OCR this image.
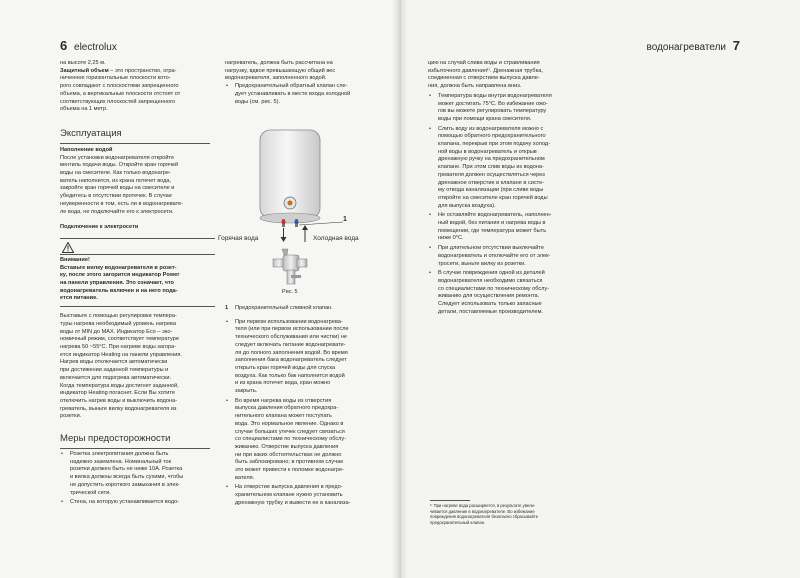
6 electrolux

на высоте 2,25 м.

Защитный объем – это пространство, огра-

ниченное горизонтальные плоскости кото-

рого совпадают с плоскостями запрещенного

объема, а вертикальные плоскости отстоят от

соответствующих плоскостей запрещенного

объема на 1 метр.

Эксплуатация
Наполнение водой

После установки водонагревателя откройте

вентиль подачи воды. Откройте кран горячей

воды на смесителе. Как только водонагре-

ватель наполнится, из крана потечет вода,

закройте кран горячей воды на смесителе и

убедитесь в отсутствии протечек. В случае

неуверенности в том, есть ли в водонагревате-

ле вода, не подключайте его к электросети.

Подключение к электросети
Внимание!

Вставьте вилку водонагревателя в розет-

ку, после этого загорится индикатор Power

на панели управления. Это означает, что

водонагреватель включен и на него пода-

ется питание.

Выставьте с помощью регулировки темпера-

туры нагрева необходимый уровень нагрева

воды от MIN до MAX. Индикатор Eco – эко-

номичный режим, соответствует температуре

нагрева 50 ~55°С. При нагреве воды загора-

ется индикатор Heating на панели управления.

Нагрев воды отключается автоматически

при достижении заданной температуры и

включается для подогрева автоматически.

Когда температура воды достигнет заданной,

индикатор Heating погаснет. Если Вы хотите

отключить нагрев воды и выключить водона-

греватель, выньте вилку водонагревателя из

розетки.

Меры предосторожности
• Розетка электропитания должна быть

надежно заземлена. Номинальный ток

розетки должен быть не ниже 10А. Розетка

и вилка должны всегда быть сухими, чтобы

не допустить короткого замыкания в элек-

трической сети.

• Стена, на которую устанавливается водо-

нагреватель, должна быть рассчитана на

нагрузку, вдвое превышающую общий вес

водонагревателя, заполненного водой.

• Предохранительный обратный клапан сле-

дует устанавливать в месте входа холодной

воды (см. рис. 5).

1
Горячая вода	Холодная вода
Рис. 5
1 Предохранительный сливной клапан.
• При первом использовании водонагрева-

теля (или при первом использовании после

технического обслуживания или чистки) не

следует включать питание водонагревате-

ля до полного заполнения водой. Во время

заполнения бака водонагреватель следует

открыть кран горячей воды для спуска

воздуха. Как только бак наполнится водой

и из крана потечет вода, кран можно

закрыть.

• Во время нагрева воды из отверстия

выпуска давления обратного предохра-

нительного клапана может поступать

вода. Это нормальное явление. Однако в

случае больших утечек следует связаться

со специалистами по техническому обслу-

живанию. Отверстие выпуска давления

ни при каких обстоятельствах не должно

быть заблокировано; в противном случае

это может привести к поломке водонагре-

вателя.

• На отверстие выпуска давления в предо-

хранительном клапане нужно установить

дренажную трубку и вывести ее в канализа-

водонагреватели 7

цию на случай слива воды и стравливания

избыточного давления¹⁾. Дренажная трубка,

соединенная с отверстием выпуска давле-

ния, должна быть направлена вниз.

• Температура воды внутри водонагревателя

может достигать 75°С. Во избежание ожо-

гов вы можете регулировать температуру

воды при помощи крана смесителя.

• Слить воду из водонагревателя можно с

помощью обратного предохранительного

клапана, перекрыв при этом подачу холод-

ной воды в водонагреватель и открыв

дренажную ручку на предохранительном

клапане. При этом слив воды из водона-

гревателя должен осуществляться через

дренажное отверстие в клапане в систе-

му отвода канализации (при сливе воды

откройте на смесителе кран горячей воды

для выпуска воздуха).

• Не оставляйте водонагреватель, наполнен-

ный водой, без питания и нагрева воды в

помещении, где температура может быть

ниже 0°С.

• При длительном отсутствии выключайте

водонагреватель и отключайте его от элек-

тросети, выньте вилку из розетки.

• В случае повреждения одной из деталей

водонагревателя необходимо связаться

со специалистами по техническому обслу-

живанию для осуществления ремонта.

Следует использовать только запасные

детали, поставляемые производителем.

¹⁾ При нагреве вода расширяется, в результате увели-

чивается давление в водонагревателе. Во избежание

повреждения водонагревателя безопасно сбрасывайте

предохранительный клапан.
